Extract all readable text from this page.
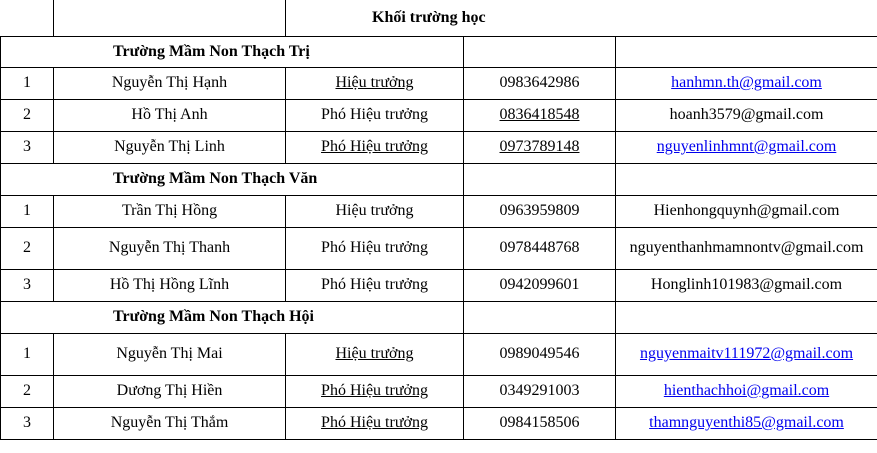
		Khối trường học		
Trường Mầm Non Thạch Trị				
1	Nguyễn Thị Hạnh	Hiệu trưởng	0983642986	hanhmn.th@gmail.com
2	Hồ Thị Anh	Phó Hiệu trưởng	0836418548	hoanh3579@gmail.com
3	Nguyễn Thị Linh	Phó Hiệu trưởng	0973789148	nguyenlinhmnt@gmail.com
Trường Mầm Non Thạch Văn				
1	Trần Thị Hồng	Hiệu trưởng	0963959809	Hienhongquynh@gmail.com
2	Nguyễn Thị Thanh	Phó Hiệu trưởng	0978448768	nguyenthanhmamnontv@gmail.com
3	Hồ Thị Hồng Lĩnh	Phó Hiệu trưởng	0942099601	Honglinh101983@gmail.com
Trường Mầm Non Thạch Hội				
1	Nguyễn Thị Mai	Hiệu trưởng	0989049546	nguyenmaitv111972@gmail.com
2	Dương Thị Hiền	Phó Hiệu trưởng	0349291003	hienthachhoi@gmail.com
3	Nguyễn Thị Thắm	Phó Hiệu trưởng	0984158506	thamnguyenthi85@gmail.com
